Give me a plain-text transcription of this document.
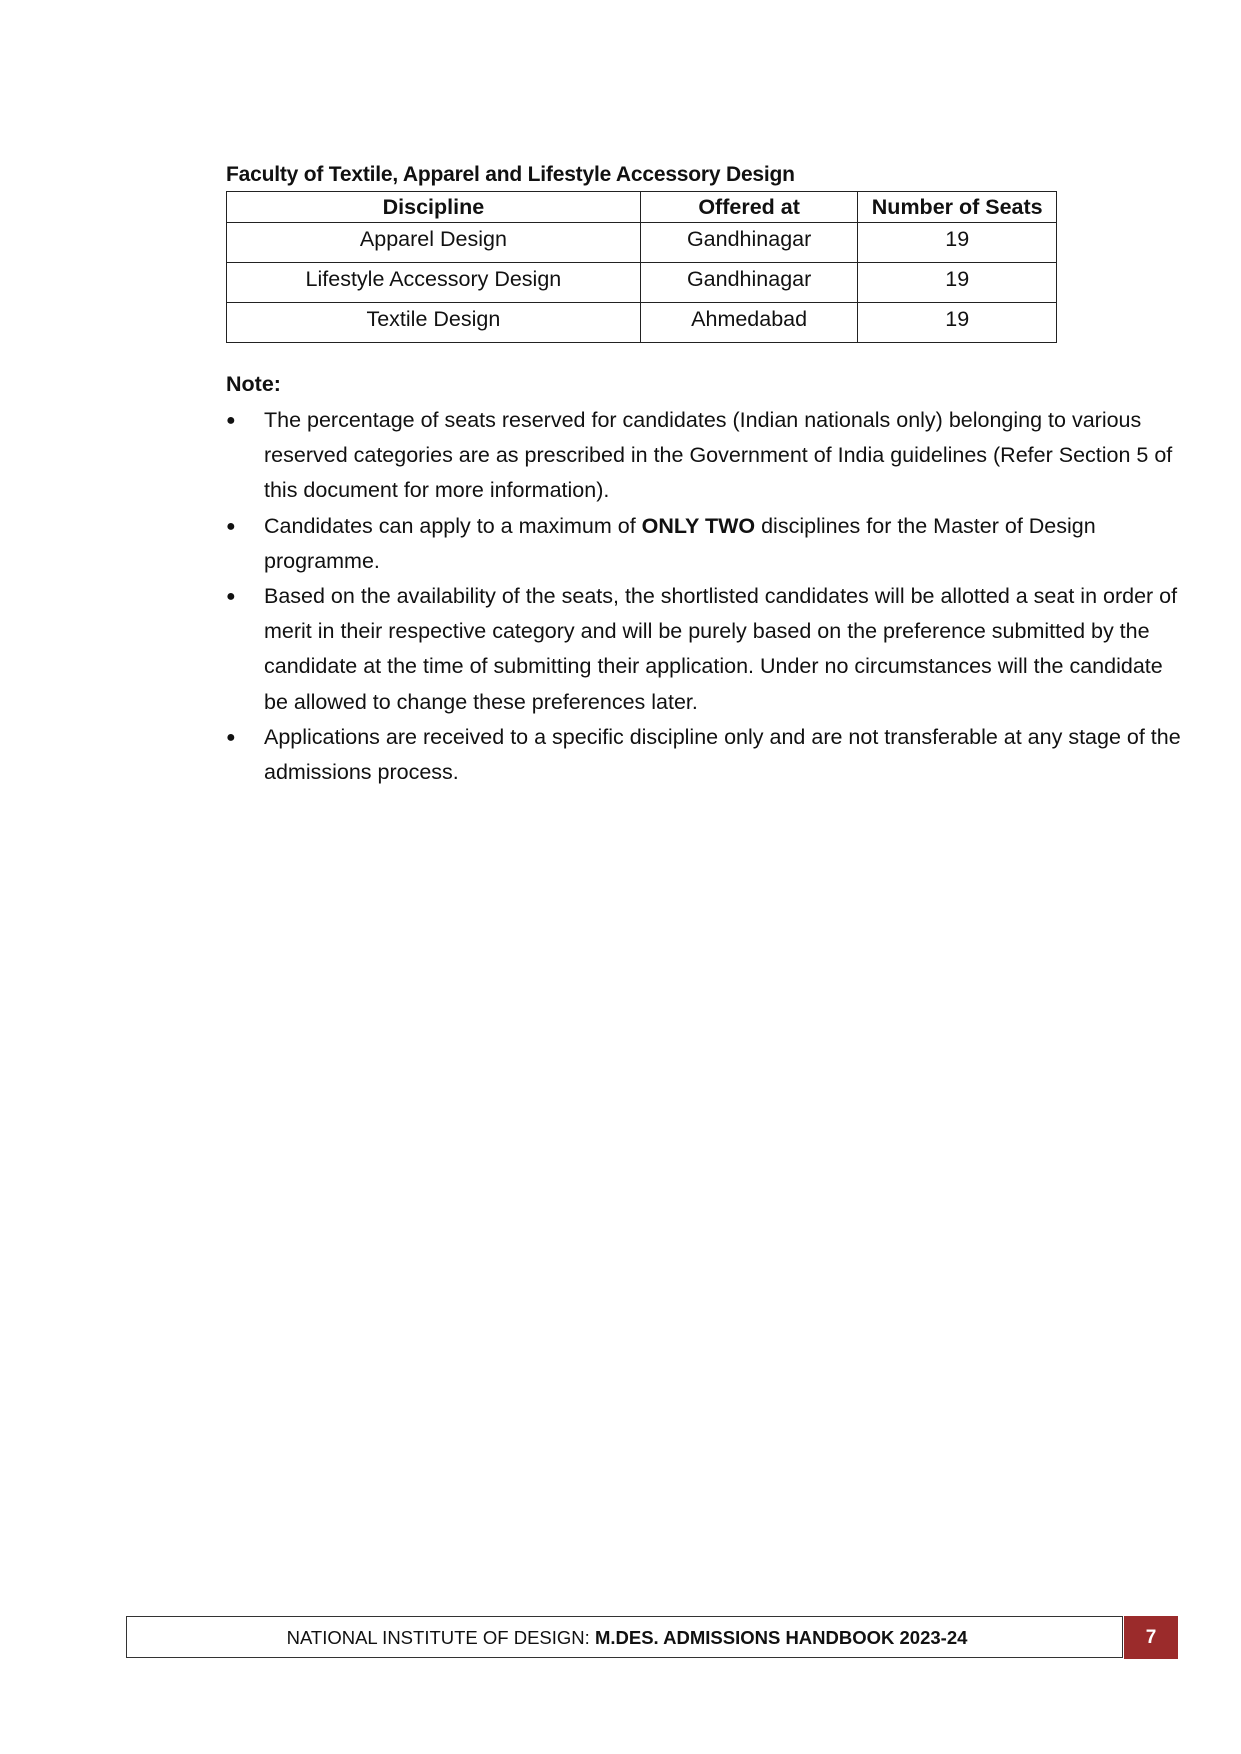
Faculty of Textile, Apparel and Lifestyle Accessory Design
Discipline	Offered at	Number of Seats
Apparel Design	Gandhinagar	19
Lifestyle Accessory Design	Gandhinagar	19
Textile Design	Ahmedabad	19
Note:
●	The percentage of seats reserved for candidates (Indian nationals only) belonging to various reserved categories are as prescribed in the Government of India guidelines (Refer Section 5 of this document for more information).
●	Candidates can apply to a maximum of ONLY TWO disciplines for the Master of Design programme.
●	Based on the availability of the seats, the shortlisted candidates will be allotted a seat in order of merit in their respective category and will be purely based on the preference submitted by the candidate at the time of submitting their application. Under no circumstances will the candidate be allowed to change these preferences later.
●	Applications are received to a specific discipline only and are not transferable at any stage of the admissions process.
NATIONAL INSTITUTE OF DESIGN: M.DES. ADMISSIONS HANDBOOK 2023-24	7
